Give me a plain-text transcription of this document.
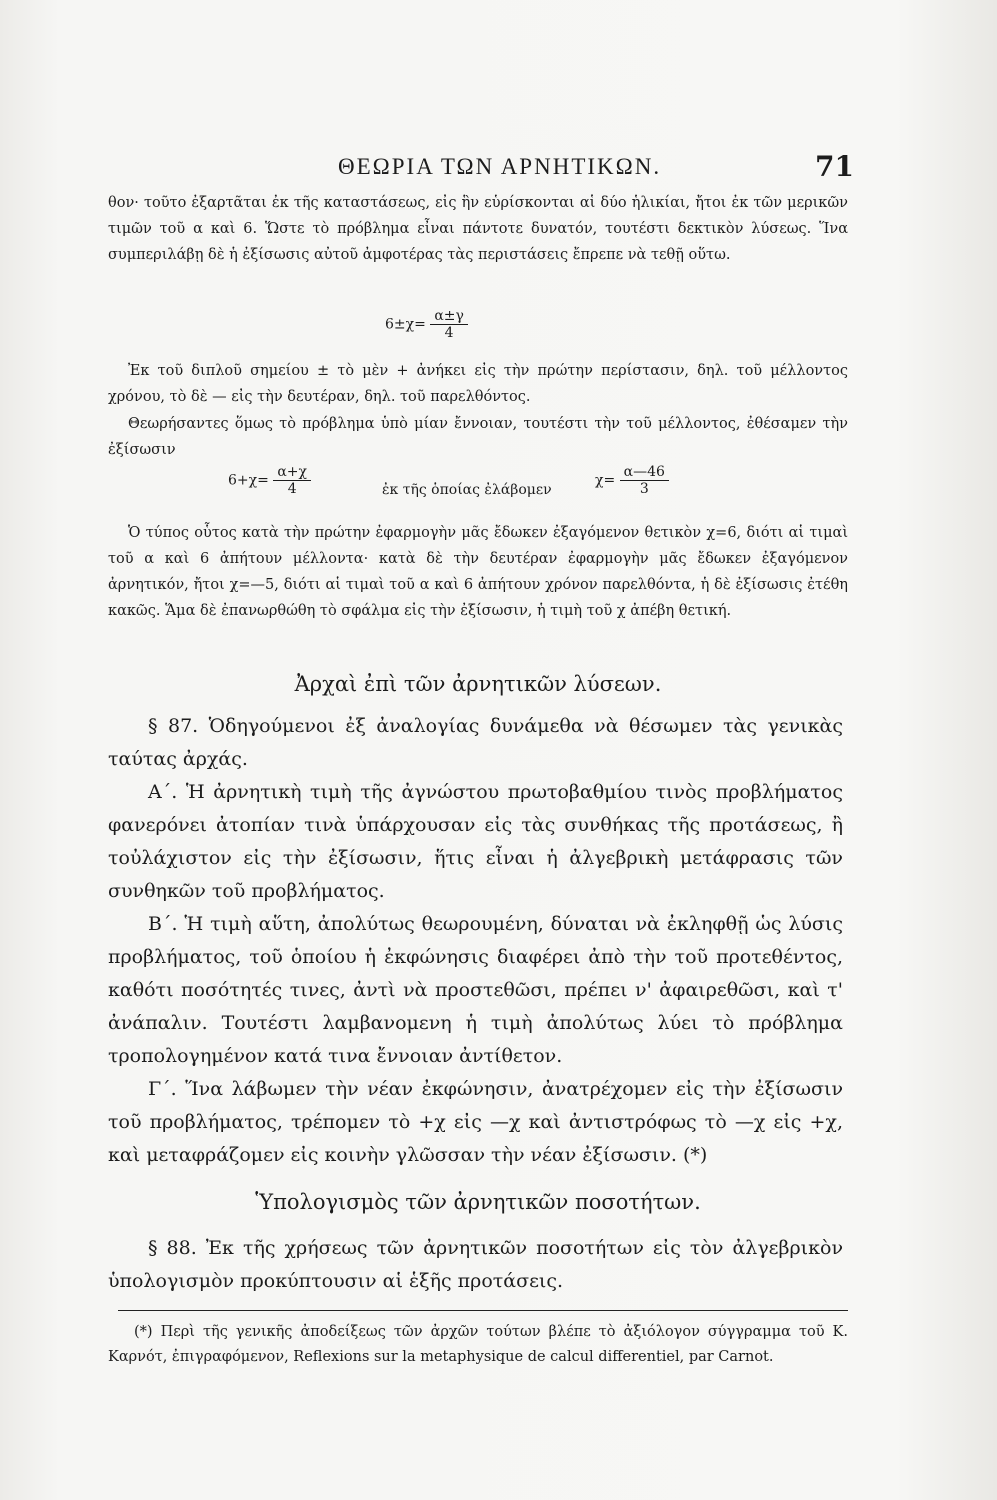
ΘΕΩΡΙΑ ΤΩΝ ΑΡΝΗΤΙΚΩΝ.	71

θον· τοῦτο ἐξαρτᾶται ἐκ τῆς καταστάσεως, εἰς ἣν εὑρίσκονται αἱ δύο ἡλικίαι, ἤτοι ἐκ τῶν μερικῶν τιμῶν τοῦ α καὶ 6. Ὥστε τὸ πρόβλημα εἶναι πάντοτε δυνατόν, τουτέστι δεκτικὸν λύσεως. Ἵνα συμπεριλάβῃ δὲ ἡ ἐξίσωσις αὐτοῦ ἀμφοτέρας τὰς περιστάσεις ἔπρεπε νὰ τεθῇ οὕτω.

$6\pm\chi= \frac{\alpha\pm\gamma}{4}$

Ἐκ τοῦ διπλοῦ σημείου ± τὸ μὲν + ἀνήκει εἰς τὴν πρώτην περίστασιν, δηλ. τοῦ μέλλοντος χρόνου, τὸ δὲ — εἰς τὴν δευτέραν, δηλ. τοῦ παρελθόντος.

Θεωρήσαντες ὅμως τὸ πρόβλημα ὑπὸ μίαν ἔννοιαν, τουτέστι τὴν τοῦ μέλλοντος, ἐθέσαμεν τὴν ἐξίσωσιν

$6+\chi= \frac{\alpha+\chi}{4}$	ἐκ τῆς ὁποίας ἐλάβομεν
$\chi= \frac{\alpha—46}{3}$

Ὁ τύπος οὗτος κατὰ τὴν πρώτην ἐφαρμογὴν μᾶς ἔδωκεν ἐξαγόμενον θετικὸν χ=6, διότι αἱ τιμαὶ τοῦ α καὶ 6 ἀπήτουν μέλλοντα· κατὰ δὲ τὴν δευτέραν ἐφαρμογὴν μᾶς ἔδωκεν ἐξαγόμενον ἀρνητικόν, ἤτοι χ=—5, διότι αἱ τιμαὶ τοῦ α καὶ 6 ἀπήτουν χρόνον παρελθόντα, ἡ δὲ ἐξίσωσις ἐτέθη κακῶς. Ἅμα δὲ ἐπανωρθώθη τὸ σφάλμα εἰς τὴν ἐξίσωσιν, ἡ τιμὴ τοῦ χ ἀπέβη θετική.

Ἀρχαὶ ἐπὶ τῶν ἀρνητικῶν λύσεων.

§ 87. Ὁδηγούμενοι ἐξ ἀναλογίας δυνάμεθα νὰ θέσωμεν τὰς γενικὰς ταύτας ἀρχάς.

Α΄. Ἡ ἀρνητικὴ τιμὴ τῆς ἀγνώστου πρωτοβαθμίου τινὸς προβλήματος φανερόνει ἀτοπίαν τινὰ ὑπάρχουσαν εἰς τὰς συνθήκας τῆς προτάσεως, ἢ τοὐλάχιστον εἰς τὴν ἐξίσωσιν, ἥτις εἶναι ἡ ἀλγεβρικὴ μετάφρασις τῶν συνθηκῶν τοῦ προβλήματος.

Β΄. Ἡ τιμὴ αὕτη, ἀπολύτως θεωρουμένη, δύναται νὰ ἐκληφθῇ ὡς λύσις προβλήματος, τοῦ ὁποίου ἡ ἐκφώνησις διαφέρει ἀπὸ τὴν τοῦ προτεθέντος, καθότι ποσότητές τινες, ἀντὶ νὰ προστεθῶσι, πρέπει ν' ἀφαιρεθῶσι, καὶ τ' ἀνάπαλιν. Τουτέστι λαμβανομενη ἡ τιμὴ ἀπολύτως λύει τὸ πρόβλημα τροπολογημένον κατά τινα ἔννοιαν ἀντίθετον.

Γ΄. Ἵνα λάβωμεν τὴν νέαν ἐκφώνησιν, ἀνατρέχομεν εἰς τὴν ἐξίσωσιν τοῦ προβλήματος, τρέπομεν τὸ +χ εἰς —χ καὶ ἀντιστρόφως τὸ —χ εἰς +χ, καὶ μεταφράζομεν εἰς κοινὴν γλῶσσαν τὴν νέαν ἐξίσωσιν. (*)

Ὑπολογισμὸς τῶν ἀρνητικῶν ποσοτήτων.

§ 88. Ἐκ τῆς χρήσεως τῶν ἀρνητικῶν ποσοτήτων εἰς τὸν ἀλγεβρικὸν ὑπολογισμὸν προκύπτουσιν αἱ ἑξῆς προτάσεις.

(*) Περὶ τῆς γενικῆς ἀποδείξεως τῶν ἀρχῶν τούτων βλέπε τὸ ἀξιόλογον σύγγραμμα τοῦ Κ. Καρνότ, ἐπιγραφόμενον, Reflexions sur la metaphysique de calcul differentiel, par Carnot.
